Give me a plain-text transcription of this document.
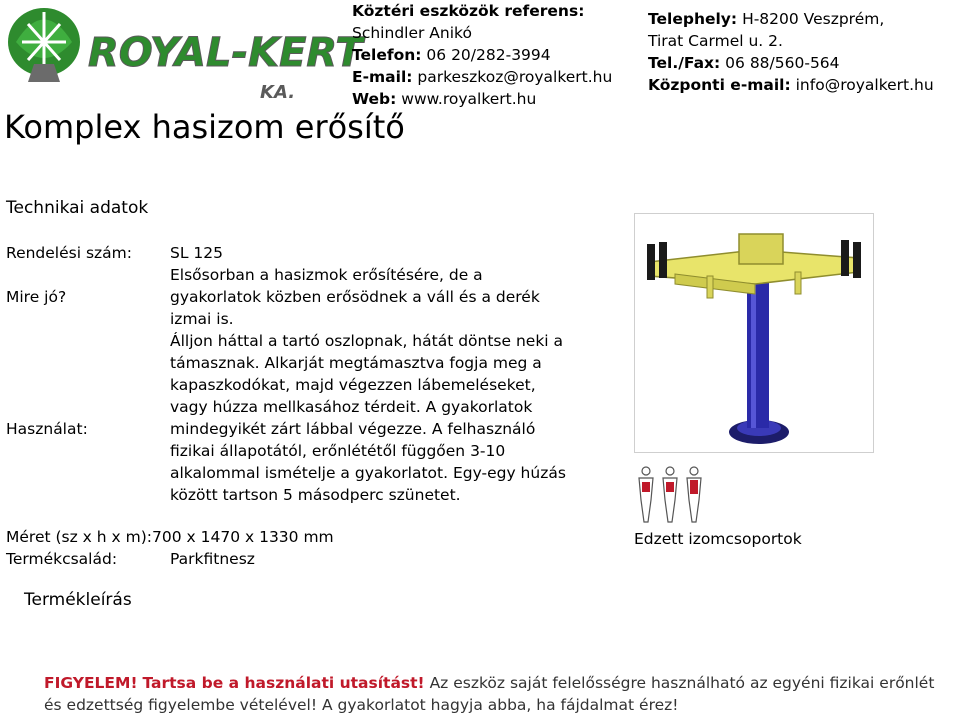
ROYAL-KERT
KA.
Köztéri eszközök referens:
Schindler Anikó
Telefon: 06 20/282-3994
E-mail: parkeszkoz@royalkert.hu
Web: www.royalkert.hu
Telephely: H-8200 Veszprém,
Tirat Carmel u. 2.
Tel./Fax: 06 88/560-564
Központi e-mail: info@royalkert.hu
Komplex hasizom erősítő
Technikai adatok
Rendelési szám: SL 125
Mire jó?
Elsősorban a hasizmok erősítésére, de a gyakorlatok közben erősödnek a váll és a derék izmai is.
Használat:
Álljon háttal a tartó oszlopnak, hátát döntse neki a támasznak. Alkarját megtámasztva fogja meg a kapaszkodókat, majd végezzen lábemeléseket, vagy húzza mellkasához térdeit. A gyakorlatok mindegyikét zárt lábbal végezze. A felhasználó fizikai állapotától, erőnlététől függően 3-10 alkalommal ismételje a gyakorlatot. Egy-egy húzás között tartson 5 másodperc szünetet.
Méret (sz x h x m):700 x 1470 x 1330 mm
Termékcsalád:	Parkfitnesz
Edzett izomcsoportok
Termékleírás
FIGYELEM! Tartsa be a használati utasítást! Az eszköz saját felelősségre használható az egyéni fizikai erőnlét és edzettség figyelembe vételével! A gyakorlatot hagyja abba, ha fájdalmat érez!
